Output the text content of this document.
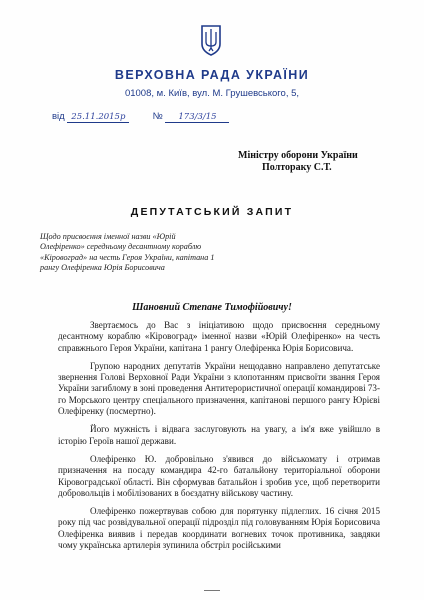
ВЕРХОВНА РАДА УКРАЇНИ
01008, м. Київ, вул. М. Грушевського, 5,
від 25.11.2015р	№ 173/3/15
Міністру оборони України
Полтораку С.Т.
ДЕПУТАТСЬКИЙ ЗАПИТ
Щодо присвоєння іменної назви «Юрій Олефіренко» середньому десантному кораблю «Кіровоград» на честь Героя України, капітана 1 рангу Олефіренка Юрія Борисовича
Шановний Степане Тимофійовичу!

Звертаємось до Вас з ініціативою щодо присвоєння середньому десантному кораблю «Кіровоград» іменної назви «Юрій Олефіренко» на честь справжнього Героя України, капітана 1 рангу Олефіренка Юрія Борисовича.

Групою народних депутатів України нещодавно направлено депутатське звернення Голові Верховної Ради України з клопотанням присвоїти звання Героя України загиблому в зоні проведення Антитерористичної операції командирові 73-го Морського центру спеціального призначення, капітанові першого рангу Юрієві Олефіренку (посмертно).

Його мужність і відвага заслуговують на увагу, а ім'я вже увійшло в історію Героїв нашої держави.

Олефіренко Ю. добровільно з'явився до військомату і отримав призначення на посаду командира 42-го батальйону територіальної оборони Кіровоградської області. Він сформував батальйон і зробив усе, щоб перетворити добровольців і мобілізованих в боєздатну військову частину.

Олефіренко пожертвував собою для порятунку підлеглих. 16 січня 2015 року під час розвідувальної операції підрозділ під головуванням Юрія Борисовича Олефіренка виявив і передав координати вогневих точок противника, завдяки чому українська артилерія зупинила обстріл російськими
